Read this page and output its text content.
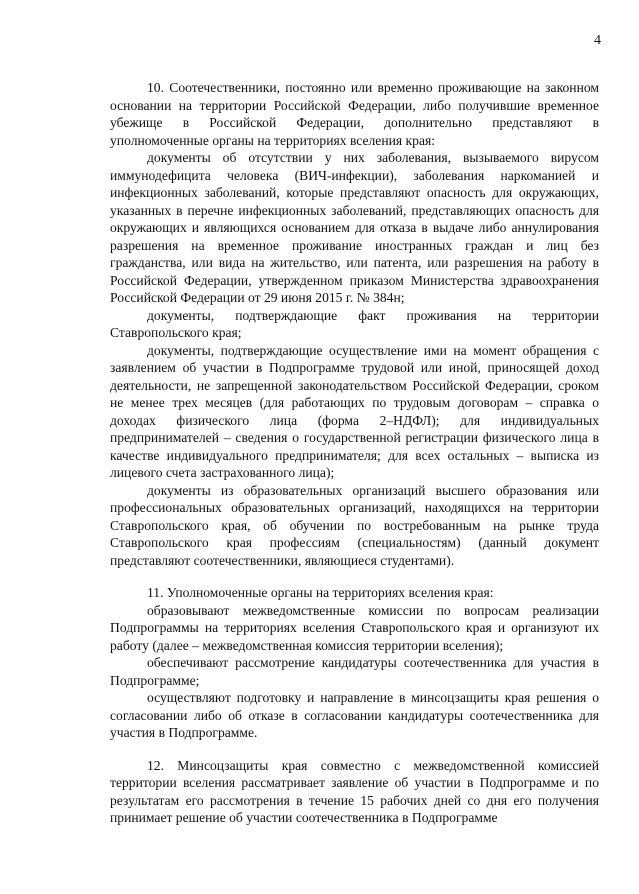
4

10. Соотечественники, постоянно или временно проживающие на законном основании на территории Российской Федерации, либо получившие временное убежище в Российской Федерации, дополнительно представляют в уполномоченные органы на территориях вселения края:

документы об отсутствии у них заболевания, вызываемого вирусом иммунодефицита человека (ВИЧ-инфекции), заболевания наркоманией и инфекционных заболеваний, которые представляют опасность для окружающих, указанных в перечне инфекционных заболеваний, представляющих опасность для окружающих и являющихся основанием для отказа в выдаче либо аннулирования разрешения на временное проживание иностранных граждан и лиц без гражданства, или вида на жительство, или патента, или разрешения на работу в Российской Федерации, утвержденном приказом Министерства здравоохранения Российской Федерации от 29 июня 2015 г. № 384н;

документы, подтверждающие факт проживания на территории Ставропольского края;

документы, подтверждающие осуществление ими на момент обращения с заявлением об участии в Подпрограмме трудовой или иной, приносящей доход деятельности, не запрещенной законодательством Российской Федерации, сроком не менее трех месяцев (для работающих по трудовым договорам – справка о доходах физического лица (форма 2–НДФЛ); для индивидуальных предпринимателей – сведения о государственной регистрации физического лица в качестве индивидуального предпринимателя; для всех остальных – выписка из лицевого счета застрахованного лица);

документы из образовательных организаций высшего образования или профессиональных образовательных организаций, находящихся на территории Ставропольского края, об обучении по востребованным на рынке труда Ставропольского края профессиям (специальностям) (данный документ представляют соотечественники, являющиеся студентами).

11. Уполномоченные органы на территориях вселения края:

образовывают межведомственные комиссии по вопросам реализации Подпрограммы на территориях вселения Ставропольского края и организуют их работу (далее – межведомственная комиссия территории вселения);

обеспечивают рассмотрение кандидатуры соотечественника для участия в Подпрограмме;

осуществляют подготовку и направление в минсоцзащиты края решения о согласовании либо об отказе в согласовании кандидатуры соотечественника для участия в Подпрограмме.

12. Минсоцзащиты края совместно с межведомственной комиссией территории вселения рассматривает заявление об участии в Подпрограмме и по результатам его рассмотрения в течение 15 рабочих дней со дня его получения принимает решение об участии соотечественника в Подпрограмме
